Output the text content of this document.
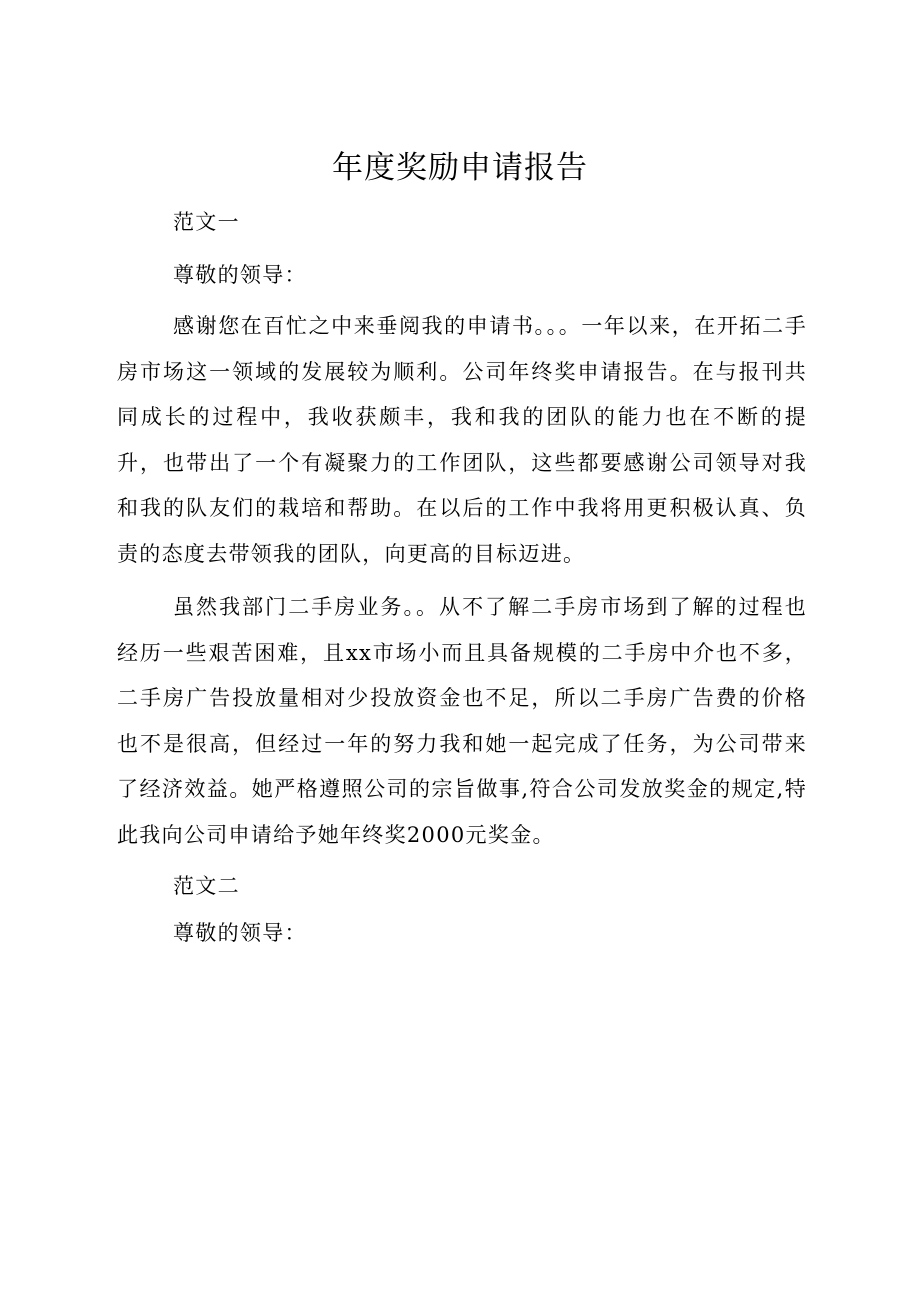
年度奖励申请报告

范文一

尊敬的领导：

感谢您在百忙之中来垂阅我的申请书。。。一年以来，在开拓二手房市场这一领域的发展较为顺利。公司年终奖申请报告。在与报刊共同成长的过程中，我收获颇丰，我和我的团队的能力也在不断的提升，也带出了一个有凝聚力的工作团队，这些都要感谢公司领导对我和我的队友们的栽培和帮助。在以后的工作中我将用更积极认真、负责的态度去带领我的团队，向更高的目标迈进。

虽然我部门二手房业务。。从不了解二手房市场到了解的过程也经历一些艰苦困难，且xx市场小而且具备规模的二手房中介也不多，二手房广告投放量相对少投放资金也不足，所以二手房广告费的价格也不是很高，但经过一年的努力我和她一起完成了任务，为公司带来了经济效益。她严格遵照公司的宗旨做事,符合公司发放奖金的规定,特此我向公司申请给予她年终奖2000元奖金。

范文二

尊敬的领导：
